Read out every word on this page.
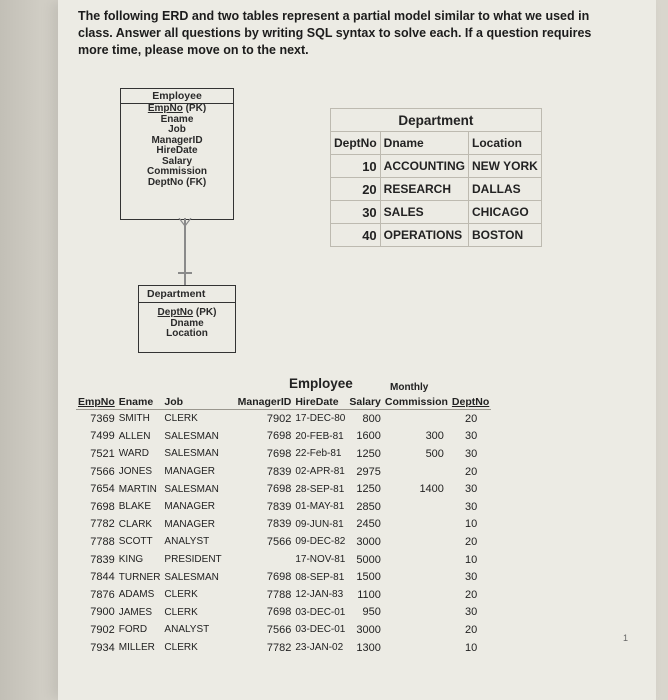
The following ERD and two tables represent a partial model similar to what we used in class. Answer all questions by writing SQL syntax to solve each. If a question requires more time, please move on to the next.
Employee
EmpNo (PK)
Ename
Job
ManagerID
HireDate
Salary
Commission
DeptNo (FK)
Department
DeptNo (PK)
Dname
Location
Department		
DeptNo	Dname	Location
10	ACCOUNTING	NEW YORK
20	RESEARCH	DALLAS
30	SALES	CHICAGO
40	OPERATIONS	BOSTON
Employee	Monthly
EmpNo	Ename	Job	ManagerID	HireDate	Salary	Commission	DeptNo
7369	SMITH	CLERK	7902	17-DEC-80	800		20
7499	ALLEN	SALESMAN	7698	20-FEB-81	1600	300	30
7521	WARD	SALESMAN	7698	22-Feb-81	1250	500	30
7566	JONES	MANAGER	7839	02-APR-81	2975		20
7654	MARTIN	SALESMAN	7698	28-SEP-81	1250	1400	30
7698	BLAKE	MANAGER	7839	01-MAY-81	2850		30
7782	CLARK	MANAGER	7839	09-JUN-81	2450		10
7788	SCOTT	ANALYST	7566	09-DEC-82	3000		20
7839	KING	PRESIDENT		17-NOV-81	5000		10
7844	TURNER	SALESMAN	7698	08-SEP-81	1500		30
7876	ADAMS	CLERK	7788	12-JAN-83	1100		20
7900	JAMES	CLERK	7698	03-DEC-01	950		30
7902	FORD	ANALYST	7566	03-DEC-01	3000		20
7934	MILLER	CLERK	7782	23-JAN-02	1300		10
1
